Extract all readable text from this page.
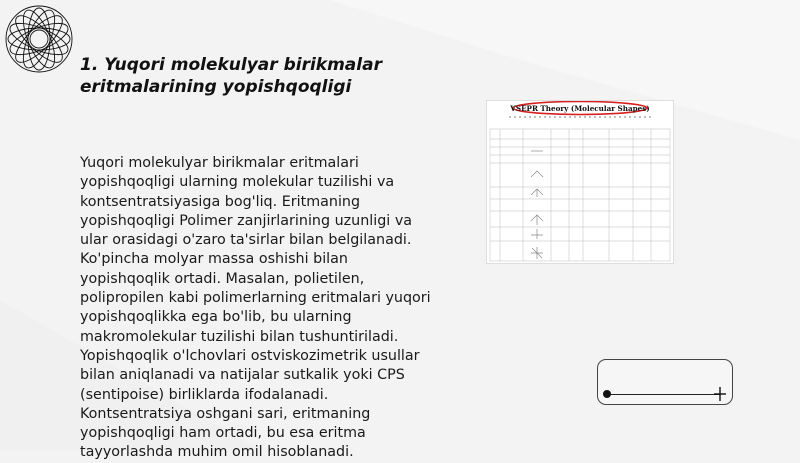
1. Yuqori molekulyar birikmalar eritmalarining yopishqoqligi

Yuqori molekulyar birikmalar eritmalari yopishqoqligi ularning molekular tuzilishi va kontsentratsiyasiga bog'liq. Eritmaning yopishqoqligi Polimer zanjirlarining uzunligi va ular orasidagi o'zaro ta'sirlar bilan belgilanadi. Ko'pincha molyar massa oshishi bilan yopishqoqlik ortadi. Masalan, polietilen, polipropilen kabi polimerlarning eritmalari yuqori yopishqoqlikka ega bo'lib, bu ularning makromolekular tuzilishi bilan tushuntiriladi. Yopishqoqlik o'lchovlari ostviskozimetrik usullar bilan aniqlanadi va natijalar sutkalik yoki CPS (sentipoise) birliklarda ifodalanadi. Kontsentratsiya oshgani sari, eritmaning yopishqoqligi ham ortadi, bu esa eritma tayyorlashda muhim omil hisoblanadi.

VSEPR Theory (Molecular Shapes)
